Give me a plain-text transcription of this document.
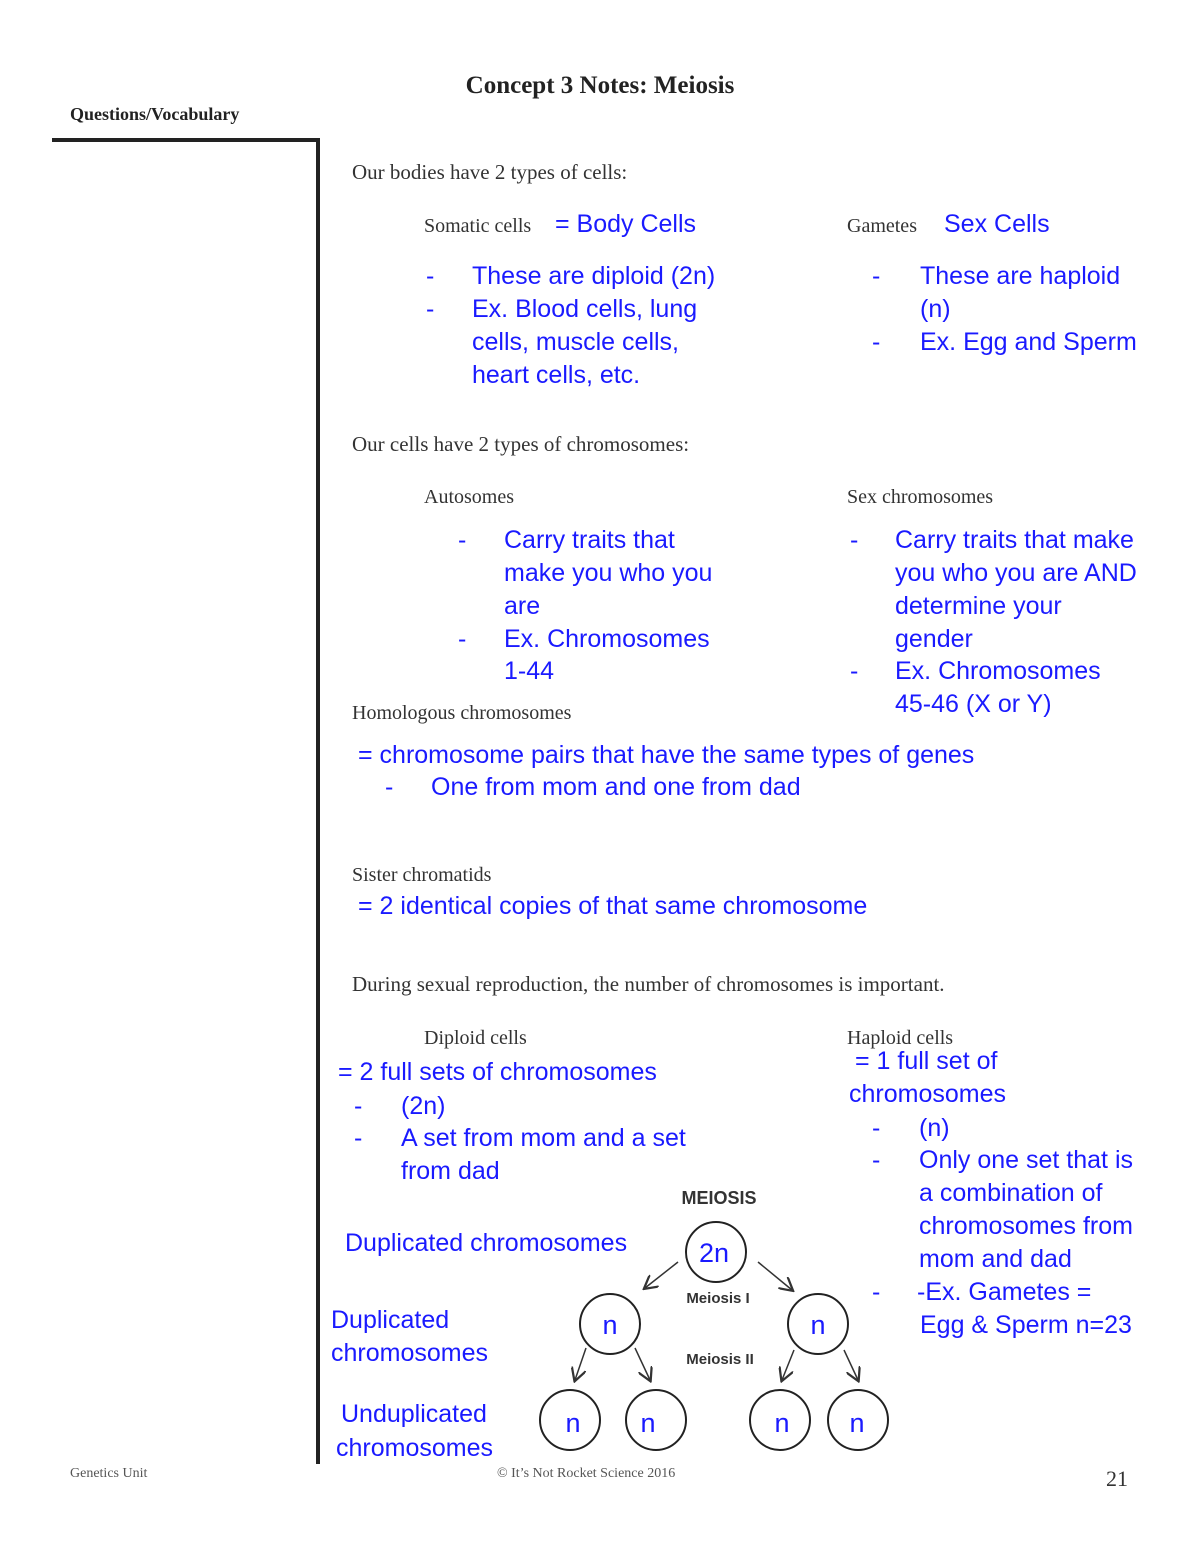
Concept 3 Notes: Meiosis
Questions/Vocabulary
Our bodies have 2 types of cells:
Somatic cells = Body Cells
- These are diploid (2n)
- Ex. Blood cells, lung
cells, muscle cells,
heart cells, etc.
Gametes Sex Cells
- These are haploid
(n)
- Ex. Egg and Sperm
Our cells have 2 types of chromosomes:
Autosomes
- Carry traits that
make you who you
are
- Ex. Chromosomes
1-44
Sex chromosomes
- Carry traits that make
you who you are AND
determine your
gender
- Ex. Chromosomes
45-46 (X or Y)
Homologous chromosomes
= chromosome pairs that have the same types of genes
- One from mom and one from dad
Sister chromatids
= 2 identical copies of that same chromosome
During sexual reproduction, the number of chromosomes is important.
Diploid cells
= 2 full sets of chromosomes
- (2n)
- A set from mom and a set
from dad
Haploid cells
= 1 full set of
chromosomes
- (n)
- Only one set that is
a combination of
chromosomes from
mom and dad
- -Ex. Gametes =
Egg & Sperm n=23
Duplicated chromosomes
Duplicated
chromosomes
Unduplicated
chromosomes
MEIOSIS
2n
Meiosis I
n	n
Meiosis II
n n	n n
Genetics Unit	© It’s Not Rocket Science 2016	21
